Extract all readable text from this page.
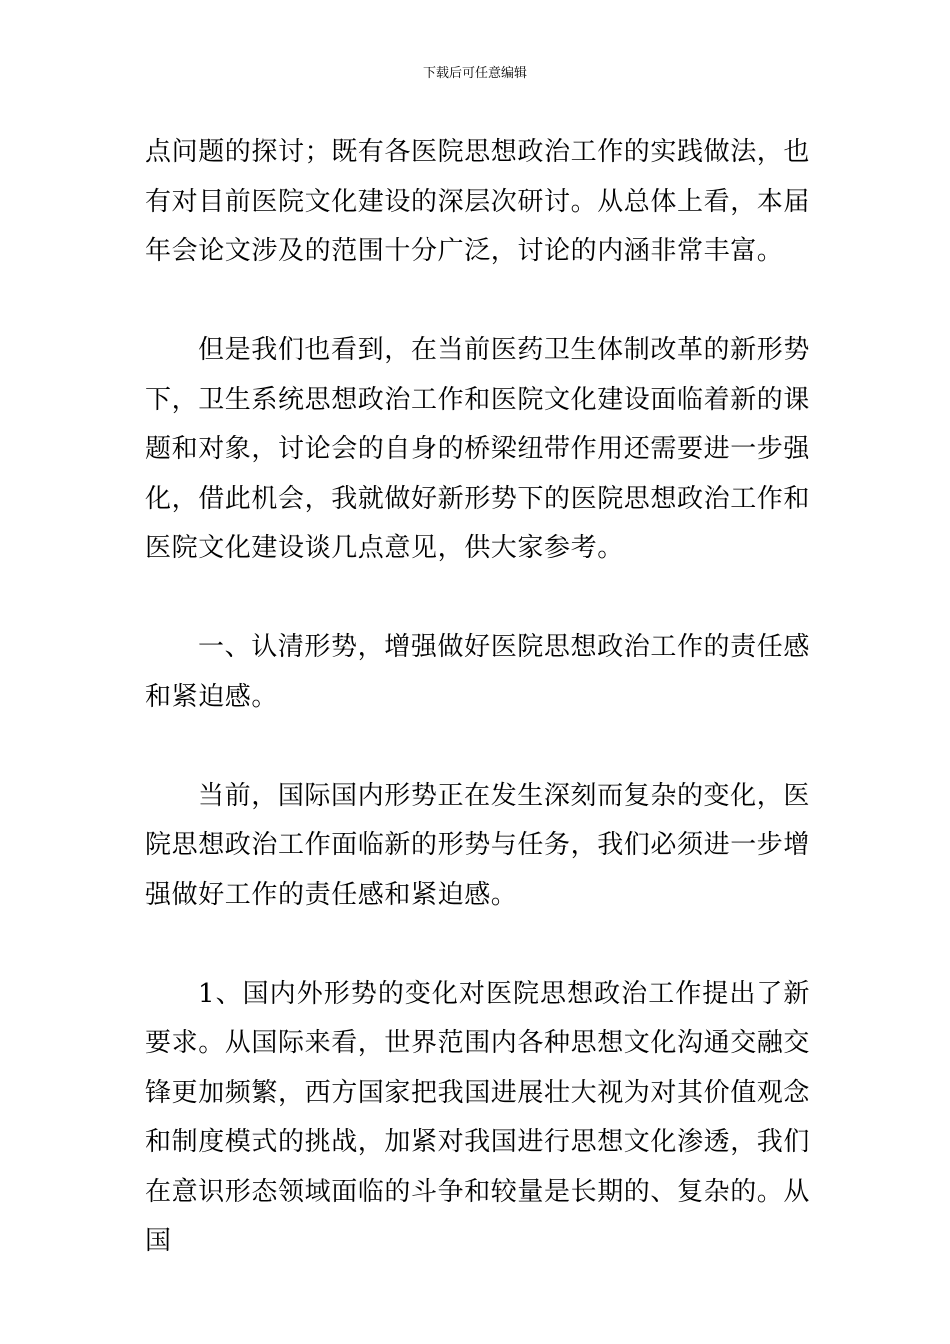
下载后可任意编辑

点问题的探讨；既有各医院思想政治工作的实践做法，也有对目前医院文化建设的深层次研讨。从总体上看，本届年会论文涉及的范围十分广泛，讨论的内涵非常丰富。

但是我们也看到，在当前医药卫生体制改革的新形势下，卫生系统思想政治工作和医院文化建设面临着新的课题和对象，讨论会的自身的桥梁纽带作用还需要进一步强化，借此机会，我就做好新形势下的医院思想政治工作和医院文化建设谈几点意见，供大家参考。

一、认清形势，增强做好医院思想政治工作的责任感和紧迫感。

当前，国际国内形势正在发生深刻而复杂的变化，医院思想政治工作面临新的形势与任务，我们必须进一步增强做好工作的责任感和紧迫感。

1、国内外形势的变化对医院思想政治工作提出了新要求。从国际来看，世界范围内各种思想文化沟通交融交锋更加频繁，西方国家把我国进展壮大视为对其价值观念和制度模式的挑战，加紧对我国进行思想文化渗透，我们在意识形态领域面临的斗争和较量是长期的、复杂的。从国
